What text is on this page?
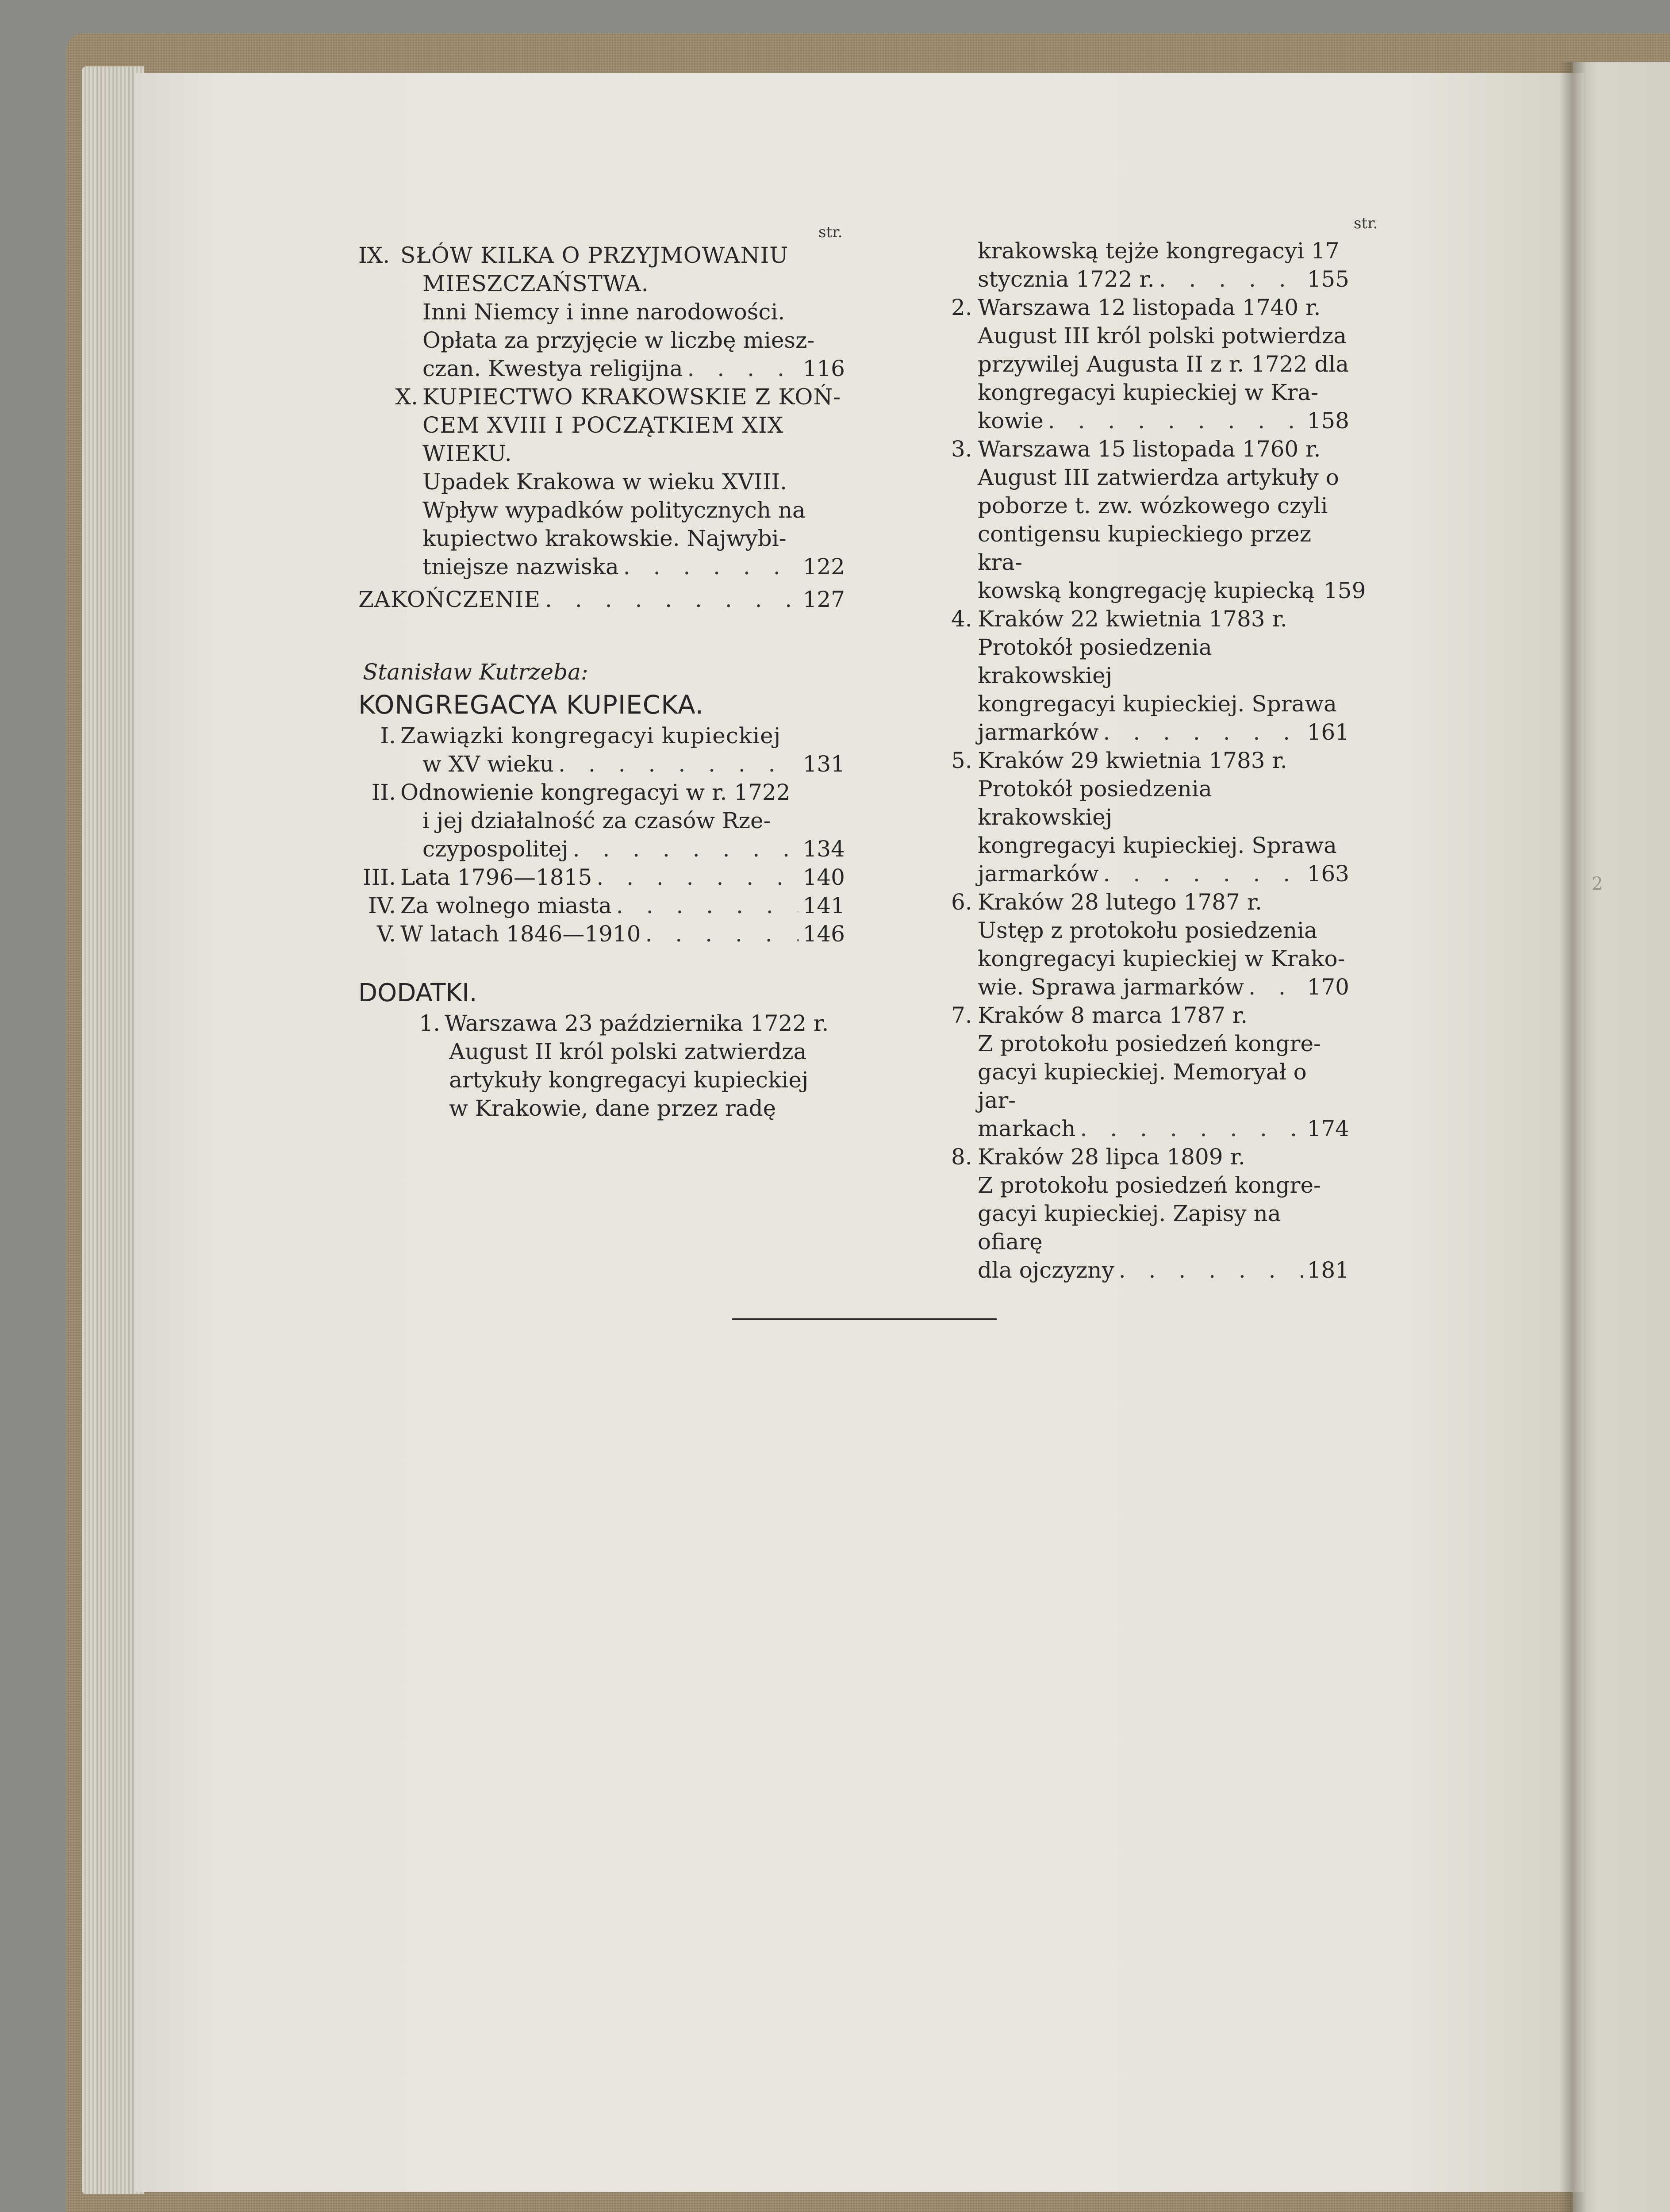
2
str.	str.
IX. SŁÓW KILKA O PRZYJMOWANIU
MIESZCZAŃSTWA.
Inni Niemcy i inne narodowości.
Opłata za przyjęcie w liczbę miesz-
czan. Kwestya religijna . . .	116
X. KUPIECTWO KRAKOWSKIE Z KOŃ-
CEM XVIII I POCZĄTKIEM XIX
WIEKU.
Upadek Krakowa w wieku XVIII.
Wpływ wypadków politycznych na
kupiectwo krakowskie. Najwybi-
tniejsze nazwiska . . .	122
ZAKOŃCZENIE . . .	127
Stanisław Kutrzeba:
KONGREGACYA KUPIECKA.
I. Zawiązki kongregacyi kupieckiej
w XV wieku . . .	131
II. Odnowienie kongregacyi w r. 1722
i jej działalność za czasów Rze-
czypospolitej . . .	134
III. Lata 1796—1815 . . .	140
IV. Za wolnego miasta . . .	141
V. W latach 1846—1910 . . .	146
DODATKI.
1. Warszawa 23 października 1722 r.
August II król polski zatwierdza
artykuły kongregacyi kupieckiej
w Krakowie, dane przez radę
krakowską tejże kongregacyi 17
stycznia 1722 r. . . .	155
2. Warszawa 12 listopada 1740 r.
August III król polski potwierdza
przywilej Augusta II z r. 1722 dla
kongregacyi kupieckiej w Kra-
kowie . . .	158
3. Warszawa 15 listopada 1760 r.
August III zatwierdza artykuły o
poborze t. zw. wózkowego czyli
contigensu kupieckiego przez kra-
kowską kongregację kupiecką 159
4. Kraków 22 kwietnia 1783 r.
Protokół posiedzenia krakowskiej
kongregacyi kupieckiej. Sprawa
jarmarków . . .	161
5. Kraków 29 kwietnia 1783 r.
Protokół posiedzenia krakowskiej
kongregacyi kupieckiej. Sprawa
jarmarków . . .	163
6. Kraków 28 lutego 1787 r.
Ustęp z protokołu posiedzenia
kongregacyi kupieckiej w Krako-
wie. Sprawa jarmarków . . .	170
7. Kraków 8 marca 1787 r.
Z protokołu posiedzeń kongre-
gacyi kupieckiej. Memoryał o jar-
markach . . .	174
8. Kraków 28 lipca 1809 r.
Z protokołu posiedzeń kongre-
gacyi kupieckiej. Zapisy na ofiarę
dla ojczyzny . . .	181
